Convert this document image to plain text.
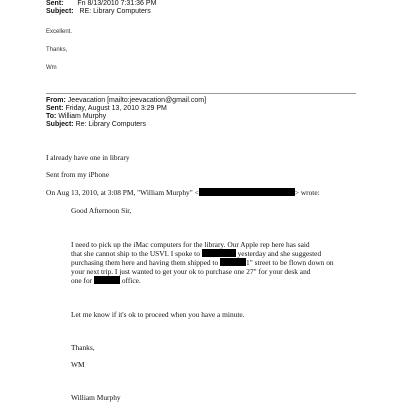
Sent: Fri 8/13/2010 7:31:36 PM
Subject: RE: Library Computers
Excellent.
Thanks,
Wm
From: Jeevacation [mailto:jeevacation@gmail.com]
Sent: Friday, August 13, 2010 3:29 PM
To: William Murphy
Subject: Re: Library Computers
I already have one in library
Sent from my iPhone
On Aug 13, 2010, at 3:08 PM, "William Murphy" <	> wrote:
Good Afternoon Sir,
I need to pick up the iMac computers for the library. Our Apple rep here has said
that she cannot ship to the USVI. I spoke to	yesterday and she suggested
purchasing them here and having them shipped to	1" street to be flown down on
your next trip. I just wanted to get your ok to purchase one 27" for your desk and
one for	office.
Let me know if it's ok to proceed when you have a minute.
Thanks,
WM
William Murphy
